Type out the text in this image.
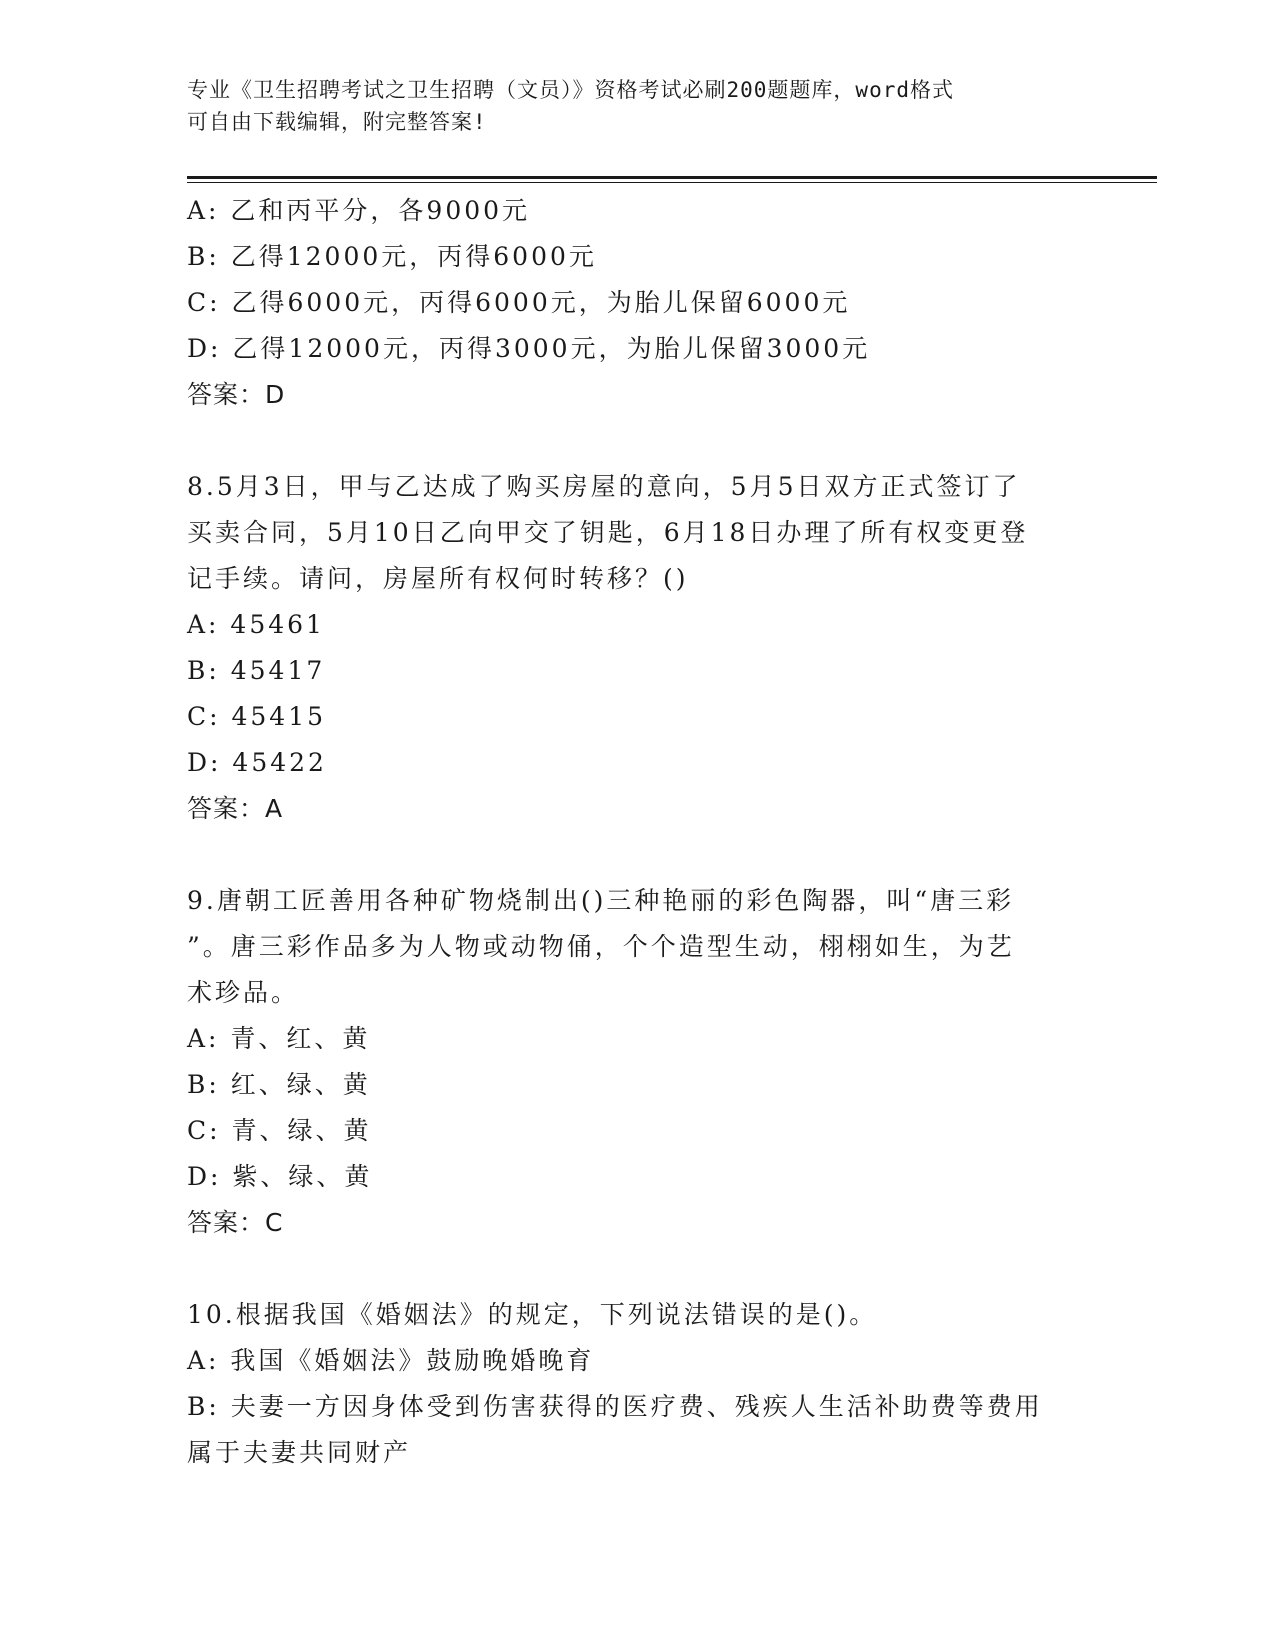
专业《卫生招聘考试之卫生招聘（文员）》资格考试必刷200题题库，word格式
可自由下载编辑，附完整答案!
A: 乙和丙平分，各9000元
B: 乙得12000元，丙得6000元
C: 乙得6000元，丙得6000元，为胎儿保留6000元
D: 乙得12000元，丙得3000元，为胎儿保留3000元
答案：D
8.5月3日，甲与乙达成了购买房屋的意向，5月5日双方正式签订了
买卖合同，5月10日乙向甲交了钥匙，6月18日办理了所有权变更登
记手续。请问，房屋所有权何时转移？()
A: 45461
B: 45417
C: 45415
D: 45422
答案：A
9.唐朝工匠善用各种矿物烧制出()三种艳丽的彩色陶器，叫“唐三彩
”。唐三彩作品多为人物或动物俑，个个造型生动，栩栩如生，为艺
术珍品。
A: 青、红、黄
B: 红、绿、黄
C: 青、绿、黄
D: 紫、绿、黄
答案：C
10.根据我国《婚姻法》的规定，下列说法错误的是()。
A: 我国《婚姻法》鼓励晚婚晚育
B: 夫妻一方因身体受到伤害获得的医疗费、残疾人生活补助费等费用
属于夫妻共同财产
